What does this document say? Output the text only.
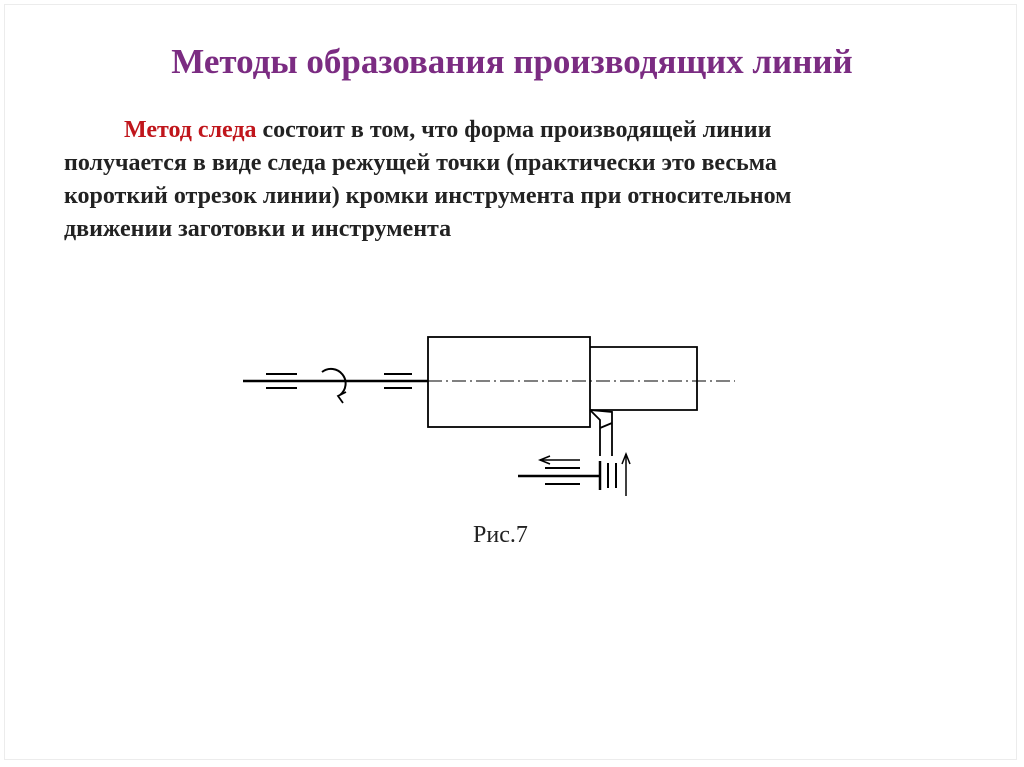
Методы образования производящих линий

Метод следа состоит в том, что форма производящей линии
получается в виде следа режущей точки (практически это весьма
короткий отрезок линии) кромки инструмента при относительном
движении заготовки и инструмента

Рис.7
